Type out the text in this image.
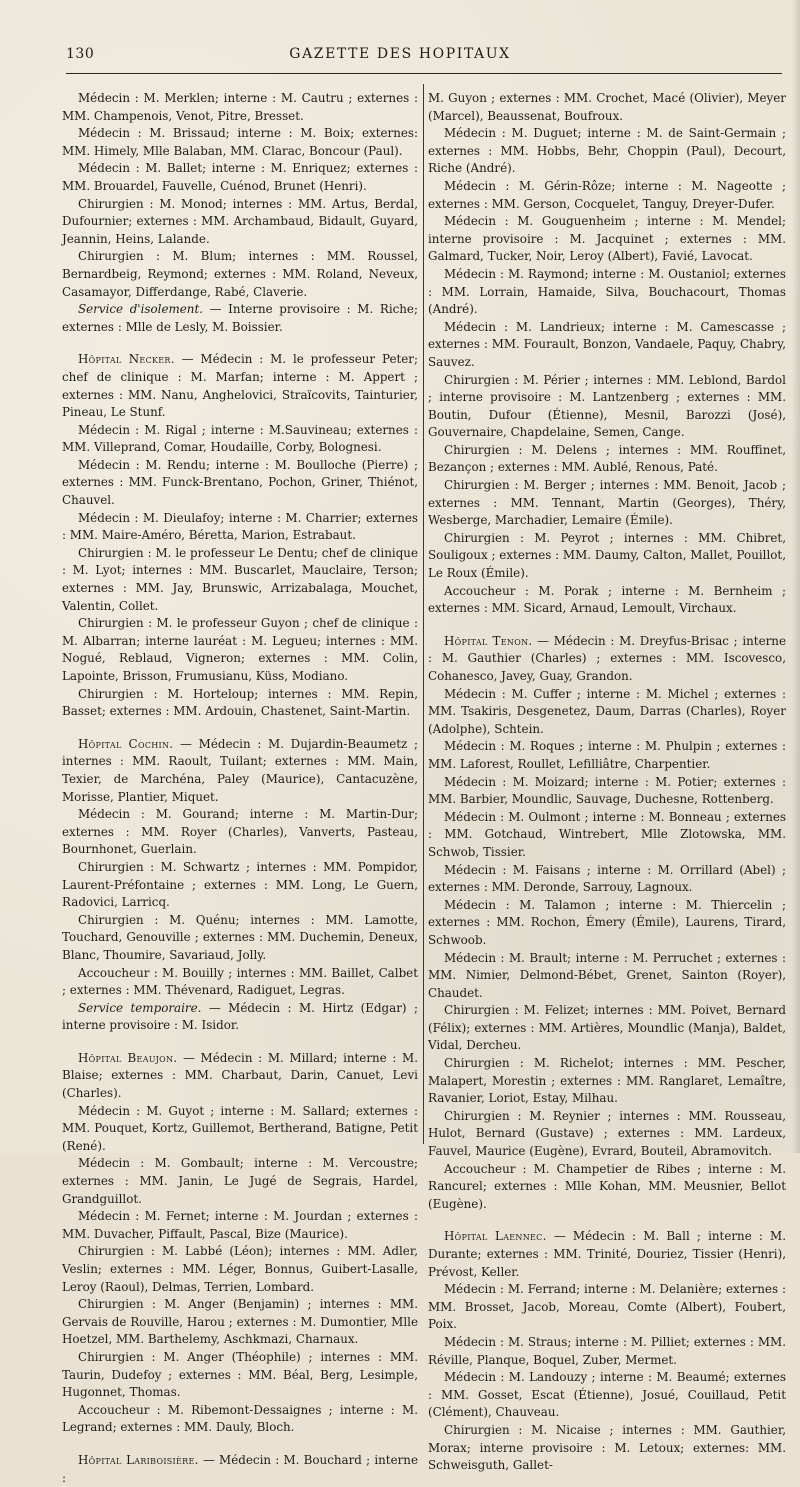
GAZETTE DES HOPITAUX
130

Médecin : M. Merklen; interne : M. Cautru ; externes : MM. Champenois, Venot, Pitre, Bresset.

Médecin : M. Brissaud; interne : M. Boix; externes: MM. Himely, Mlle Balaban, MM. Clarac, Boncour (Paul).

Médecin : M. Ballet; interne : M. Enriquez; externes : MM. Brouardel, Fauvelle, Cuénod, Brunet (Henri).

Chirurgien : M. Monod; internes : MM. Artus, Berdal, Dufournier; externes : MM. Archambaud, Bidault, Guyard, Jeannin, Heins, Lalande.

Chirurgien : M. Blum; internes : MM. Roussel, Bernardbeig, Reymond; externes : MM. Roland, Neveux, Casamayor, Differdange, Rabé, Claverie.

Service d'isolement. — Interne provisoire : M. Riche; externes : Mlle de Lesly, M. Boissier.

Hôpital Necker. — Médecin : M. le professeur Peter; chef de clinique : M. Marfan; interne : M. Appert ; externes : MM. Nanu, Anghelovici, Straïcovits, Tainturier, Pineau, Le Stunf.

Médecin : M. Rigal ; interne : M.Sauvineau; externes : MM. Villeprand, Comar, Houdaille, Corby, Bolognesi.

Médecin : M. Rendu; interne : M. Boulloche (Pierre) ; externes : MM. Funck-Brentano, Pochon, Griner, Thiénot, Chauvel.

Médecin : M. Dieulafoy; interne : M. Charrier; externes : MM. Maire-Améro, Béretta, Marion, Estrabaut.

Chirurgien : M. le professeur Le Dentu; chef de clinique : M. Lyot; internes : MM. Buscarlet, Mauclaire, Terson; externes : MM. Jay, Brunswic, Arrizabalaga, Mouchet, Valentin, Collet.

Chirurgien : M. le professeur Guyon ; chef de clinique : M. Albarran; interne lauréat : M. Legueu; internes : MM. Nogué, Reblaud, Vigneron; externes : MM. Colin, Lapointe, Brisson, Frumusianu, Küss, Modiano.

Chirurgien : M. Horteloup; internes : MM. Repin, Basset; externes : MM. Ardouin, Chastenet, Saint-Martin.

Hôpital Cochin. — Médecin : M. Dujardin-Beaumetz ; internes : MM. Raoult, Tuilant; externes : MM. Main, Texier, de Marchéna, Paley (Maurice), Cantacuzène, Morisse, Plantier, Miquet.

Médecin : M. Gourand; interne : M. Martin-Dur; externes : MM. Royer (Charles), Vanverts, Pasteau, Bournhonet, Guerlain.

Chirurgien : M. Schwartz ; internes : MM. Pompidor, Laurent-Préfontaine ; externes : MM. Long, Le Guern, Radovici, Larricq.

Chirurgien : M. Quénu; internes : MM. Lamotte, Touchard, Genouville ; externes : MM. Duchemin, Deneux, Blanc, Thoumire, Savariaud, Jolly.

Accoucheur : M. Bouilly ; internes : MM. Baillet, Calbet ; externes : MM. Thévenard, Radiguet, Legras.

Service temporaire. — Médecin : M. Hirtz (Edgar) ; interne provisoire : M. Isidor.

Hôpital Beaujon. — Médecin : M. Millard; interne : M. Blaise; externes : MM. Charbaut, Darin, Canuet, Levi (Charles).

Médecin : M. Guyot ; interne : M. Sallard; externes : MM. Pouquet, Kortz, Guillemot, Bertherand, Batigne, Petit (René).

Médecin : M. Gombault; interne : M. Vercoustre; externes : MM. Janin, Le Jugé de Segrais, Hardel, Grandguillot.

Médecin : M. Fernet; interne : M. Jourdan ; externes : MM. Duvacher, Piffault, Pascal, Bize (Maurice).

Chirurgien : M. Labbé (Léon); internes : MM. Adler, Veslin; externes : MM. Léger, Bonnus, Guibert-Lasalle, Leroy (Raoul), Delmas, Terrien, Lombard.

Chirurgien : M. Anger (Benjamin) ; internes : MM. Gervais de Rouville, Harou ; externes : M. Dumontier, Mlle Hoetzel, MM. Barthelemy, Aschkmazi, Charnaux.

Chirurgien : M. Anger (Théophile) ; internes : MM. Taurin, Dudefoy ; externes : MM. Béal, Berg, Lesimple, Hugonnet, Thomas.

Accoucheur : M. Ribemont-Dessaignes ; interne : M. Legrand; externes : MM. Dauly, Bloch.

Hôpital Lariboisière. — Médecin : M. Bouchard ; interne :

M. Guyon ; externes : MM. Crochet, Macé (Olivier), Meyer (Marcel), Beaussenat, Boufroux.

Médecin : M. Duguet; interne : M. de Saint-Germain ; externes : MM. Hobbs, Behr, Choppin (Paul), Decourt, Riche (André).

Médecin : M. Gérin-Rôze; interne : M. Nageotte ; externes : MM. Gerson, Cocquelet, Tanguy, Dreyer-Dufer.

Médecin : M. Gouguenheim ; interne : M. Mendel; interne provisoire : M. Jacquinet ; externes : MM. Galmard, Tucker, Noir, Leroy (Albert), Favié, Lavocat.

Médecin : M. Raymond; interne : M. Oustaniol; externes : MM. Lorrain, Hamaide, Silva, Bouchacourt, Thomas (André).

Médecin : M. Landrieux; interne : M. Camescasse ; externes : MM. Fourault, Bonzon, Vandaele, Paquy, Chabry, Sauvez.

Chirurgien : M. Périer ; internes : MM. Leblond, Bardol ; interne provisoire : M. Lantzenberg ; externes : MM. Boutin, Dufour (Étienne), Mesnil, Barozzi (José), Gouvernaire, Chapdelaine, Semen, Cange.

Chirurgien : M. Delens ; internes : MM. Rouffinet, Bezançon ; externes : MM. Aublé, Renous, Paté.

Chirurgien : M. Berger ; internes : MM. Benoit, Jacob ; externes : MM. Tennant, Martin (Georges), Théry, Wesberge, Marchadier, Lemaire (Émile).

Chirurgien : M. Peyrot ; internes : MM. Chibret, Souligoux ; externes : MM. Daumy, Calton, Mallet, Pouillot, Le Roux (Émile).

Accoucheur : M. Porak ; interne : M. Bernheim ; externes : MM. Sicard, Arnaud, Lemoult, Virchaux.

Hôpital Tenon. — Médecin : M. Dreyfus-Brisac ; interne : M. Gauthier (Charles) ; externes : MM. Iscovesco, Cohanesco, Javey, Guay, Grandon.

Médecin : M. Cuffer ; interne : M. Michel ; externes : MM. Tsakiris, Desgenetez, Daum, Darras (Charles), Royer (Adolphe), Schtein.

Médecin : M. Roques ; interne : M. Phulpin ; externes : MM. Laforest, Roullet, Lefilliâtre, Charpentier.

Médecin : M. Moizard; interne : M. Potier; externes : MM. Barbier, Moundlic, Sauvage, Duchesne, Rottenberg.

Médecin : M. Oulmont ; interne : M. Bonneau ; externes : MM. Gotchaud, Wintrebert, Mlle Zlotowska, MM. Schwob, Tissier.

Médecin : M. Faisans ; interne : M. Orrillard (Abel) ; externes : MM. Deronde, Sarrouy, Lagnoux.

Médecin : M. Talamon ; interne : M. Thiercelin ; externes : MM. Rochon, Émery (Émile), Laurens, Tirard, Schwoob.

Médecin : M. Brault; interne : M. Perruchet ; externes : MM. Nimier, Delmond-Bébet, Grenet, Sainton (Royer), Chaudet.

Chirurgien : M. Felizet; internes : MM. Poivet, Bernard (Félix); externes : MM. Artières, Moundlic (Manja), Baldet, Vidal, Dercheu.

Chirurgien : M. Richelot; internes : MM. Pescher, Malapert, Morestin ; externes : MM. Ranglaret, Lemaître, Ravanier, Loriot, Estay, Milhau.

Chirurgien : M. Reynier ; internes : MM. Rousseau, Hulot, Bernard (Gustave) ; externes : MM. Lardeux, Fauvel, Maurice (Eugène), Evrard, Bouteil, Abramovitch.

Accoucheur : M. Champetier de Ribes ; interne : M. Rancurel; externes : Mlle Kohan, MM. Meusnier, Bellot (Eugène).

Hôpital Laennec. — Médecin : M. Ball ; interne : M. Durante; externes : MM. Trinité, Douriez, Tissier (Henri), Prévost, Keller.

Médecin : M. Ferrand; interne : M. Delanière; externes : MM. Brosset, Jacob, Moreau, Comte (Albert), Foubert, Poix.

Médecin : M. Straus; interne : M. Pilliet; externes : MM. Réville, Planque, Boquel, Zuber, Mermet.

Médecin : M. Landouzy ; interne : M. Beaumé; externes : MM. Gosset, Escat (Étienne), Josué, Couillaud, Petit (Clément), Chauveau.

Chirurgien : M. Nicaise ; internes : MM. Gauthier, Morax; interne provisoire : M. Letoux; externes: MM. Schweisguth, Gallet-
